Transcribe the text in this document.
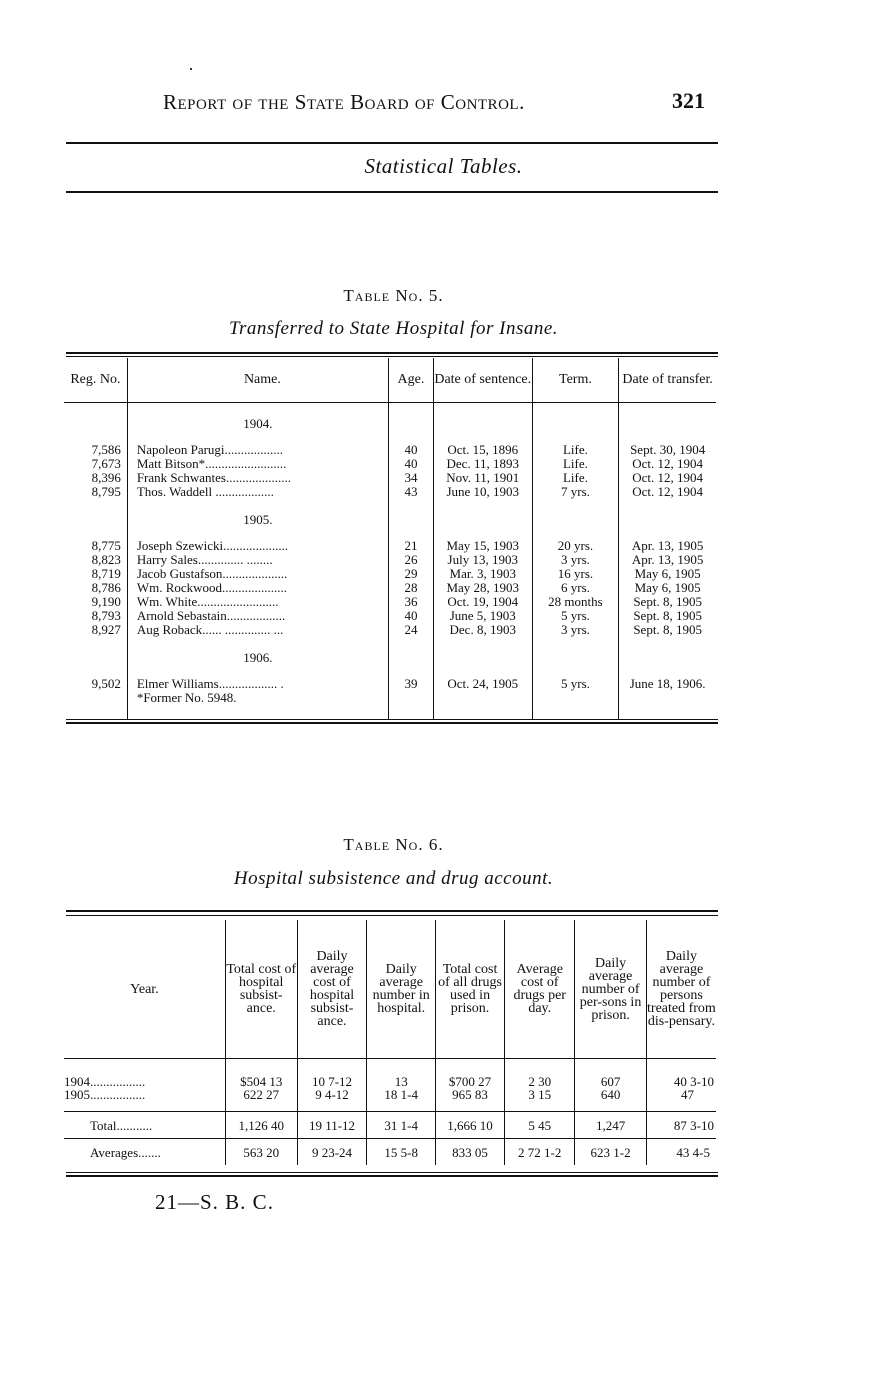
Report of the State Board of Control.	321
Statistical Tables.
Table No. 5.
Transferred to State Hospital for Insane.
Reg. No.	Name.	Age.	Date of sentence.	Term.	Date of transfer.
	1904.				
7,586	Napoleon Parugi..................	40	Oct. 15, 1896	Life.	Sept. 30, 1904
7,673	Matt Bitson*.........................	40	Dec. 11, 1893	Life.	Oct. 12, 1904
8,396	Frank Schwantes....................	34	Nov. 11, 1901	Life.	Oct. 12, 1904
8,795	Thos. Waddell ..................	43	June 10, 1903	7 yrs.	Oct. 12, 1904
	1905.				
8,775	Joseph Szewicki....................	21	May 15, 1903	20 yrs.	Apr. 13, 1905
8,823	Harry Sales.............. ........	26	July 13, 1903	3 yrs.	Apr. 13, 1905
8,719	Jacob Gustafson....................	29	Mar. 3, 1903	16 yrs.	May 6, 1905
8,786	Wm. Rockwood....................	28	May 28, 1903	6 yrs.	May 6, 1905
9,190	Wm. White.........................	36	Oct. 19, 1904	28 months	Sept. 8, 1905
8,793	Arnold Sebastain..................	40	June 5, 1903	5 yrs.	Sept. 8, 1905
8,927	Aug Roback...... .............. ...	24	Dec. 8, 1903	3 yrs.	Sept. 8, 1905
	1906.				
9,502	Elmer Williams.................. .	39	Oct. 24, 1905	5 yrs.	June 18, 1906.
	*Former No. 5948.				
Table No. 6.
Hospital subsistence and drug account.
Year.	Total cost of hospital subsist-ance.	Daily average cost of hospital subsist-ance.	Daily average number in hospital.	Total cost of all drugs used in prison.	Average cost of drugs per day.	Daily average number of per-sons in prison.	Daily average number of persons treated from dis-pensary.
1904.................	$504 13	10 7-12	13	$700 27	2 30	607	40 3-10
1905.................	622 27	9 4-12	18 1-4	965 83	3 15	640	47
Total...........	1,126 40	19 11-12	31 1-4	1,666 10	5 45	1,247	87 3-10
Averages.......	563 20	9 23-24	15 5-8	833 05	2 72 1-2	623 1-2	43 4-5
21—S. B. C.
